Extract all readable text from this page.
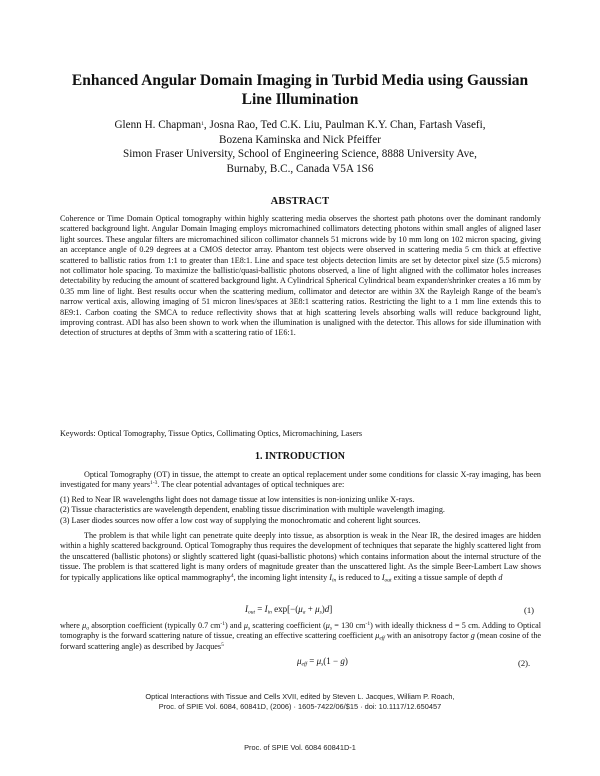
Enhanced Angular Domain Imaging in Turbid Media using Gaussian
Line Illumination
Glenn H. Chapman$^1$, Josna Rao, Ted C.K. Liu, Paulman K.Y. Chan, Fartash Vasefi,
Bozena Kaminska and Nick Pfeiffer
Simon Fraser University, School of Engineering Science, 8888 University Ave,
Burnaby, B.C., Canada V5A 1S6
ABSTRACT
Coherence or Time Domain Optical tomography within highly scattering media observes the shortest path photons over the dominant randomly scattered background light. Angular Domain Imaging employs micromachined collimators detecting photons within small angles of aligned laser light sources. These angular filters are micromachined silicon collimator channels 51 microns wide by 10 mm long on 102 micron spacing, giving an acceptance angle of 0.29 degrees at a CMOS detector array. Phantom test objects were observed in scattering media 5 cm thick at effective scattered to ballistic ratios from 1:1 to greater than 1E8:1. Line and space test objects detection limits are set by detector pixel size (5.5 microns) not collimator hole spacing. To maximize the ballistic/quasi-ballistic photons observed, a line of light aligned with the collimator holes increases detectability by reducing the amount of scattered background light. A Cylindrical Spherical Cylindrical beam expander/shrinker creates a 16 mm by 0.35 mm line of light. Best results occur when the scattering medium, collimator and detector are within 3X the Rayleigh Range of the beam's narrow vertical axis, allowing imaging of 51 micron lines/spaces at 3E8:1 scattering ratios. Restricting the light to a 1 mm line extends this to 8E9:1. Carbon coating the SMCA to reduce reflectivity shows that at high scattering levels absorbing walls will reduce background light, improving contrast. ADI has also been shown to work when the illumination is unaligned with the detector. This allows for side illumination with detection of structures at depths of 3mm with a scattering ratio of 1E6:1.
Keywords: Optical Tomography, Tissue Optics, Collimating Optics, Micromachining, Lasers
1. INTRODUCTION
Optical Tomography (OT) in tissue, the attempt to create an optical replacement under some conditions for classic X-ray imaging, has been investigated for many years$^{1-3}$. The clear potential advantages of optical techniques are:
(1) Red to Near IR wavelengths light does not damage tissue at low intensities is non-ionizing unlike X-rays.
(2) Tissue characteristics are wavelength dependent, enabling tissue discrimination with multiple wavelength imaging.
(3) Laser diodes sources now offer a low cost way of supplying the monochromatic and coherent light sources.
The problem is that while light can penetrate quite deeply into tissue, as absorption is weak in the Near IR, the desired images are hidden within a highly scattered background. Optical Tomography thus requires the development of techniques that separate the highly scattered light from the unscattered (ballistic photons) or slightly scattered light (quasi-ballistic photons) which contains information about the internal structure of the tissue. The problem is that scattered light is many orders of magnitude greater than the unscattered light. As the simple Beer-Lambert Law shows for typically applications like optical mammography$^4$, the incoming light intensity $I_{in}$ is reduced to $I_{out}$ exiting a tissue sample of depth d
$I_{out} = I_{in}$ $\exp[-(\mu_a + \mu_s)d]$	(1)
where $\mu_a$ absorption coefficient (typically 0.7 $cm^{-1}$) and $\mu_s$ scattering coefficient ($\mu_s = 130$ $cm^{-1}$) with ideally thickness d = 5 cm. Adding to Optical tomography is the forward scattering nature of tissue, creating an effective scattering coefficient $\mu_{eff}$ with an anisotropy factor g (mean cosine of the forward scattering angle) as described by Jacques$^5$
$\mu_{eff} = \mu_s(1 - g)$	(2).
Optical Interactions with Tissue and Cells XVII, edited by Steven L. Jacques, William P. Roach,
Proc. of SPIE Vol. 6084, 60841D, (2006) · 1605-7422/06/$15 · doi: 10.1117/12.650457
Proc. of SPIE Vol. 6084 60841D-1
